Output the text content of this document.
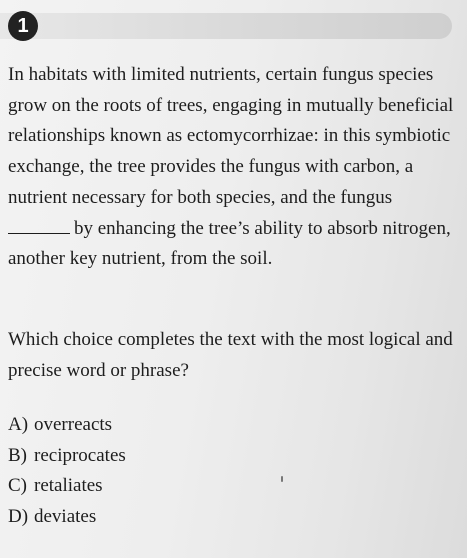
1

In habitats with limited nutrients, certain fungus species grow on the roots of trees, engaging in mutually beneficial relationships known as ectomycorrhizae: in this symbiotic exchange, the tree provides the fungus with carbon, a nutrient necessary for both species, and the fungus by enhancing the tree’s ability to absorb nitrogen, another key nutrient, from the soil.

Which choice completes the text with the most logical and precise word or phrase?

A) overreacts
B) reciprocates
C) retaliates
D) deviates
